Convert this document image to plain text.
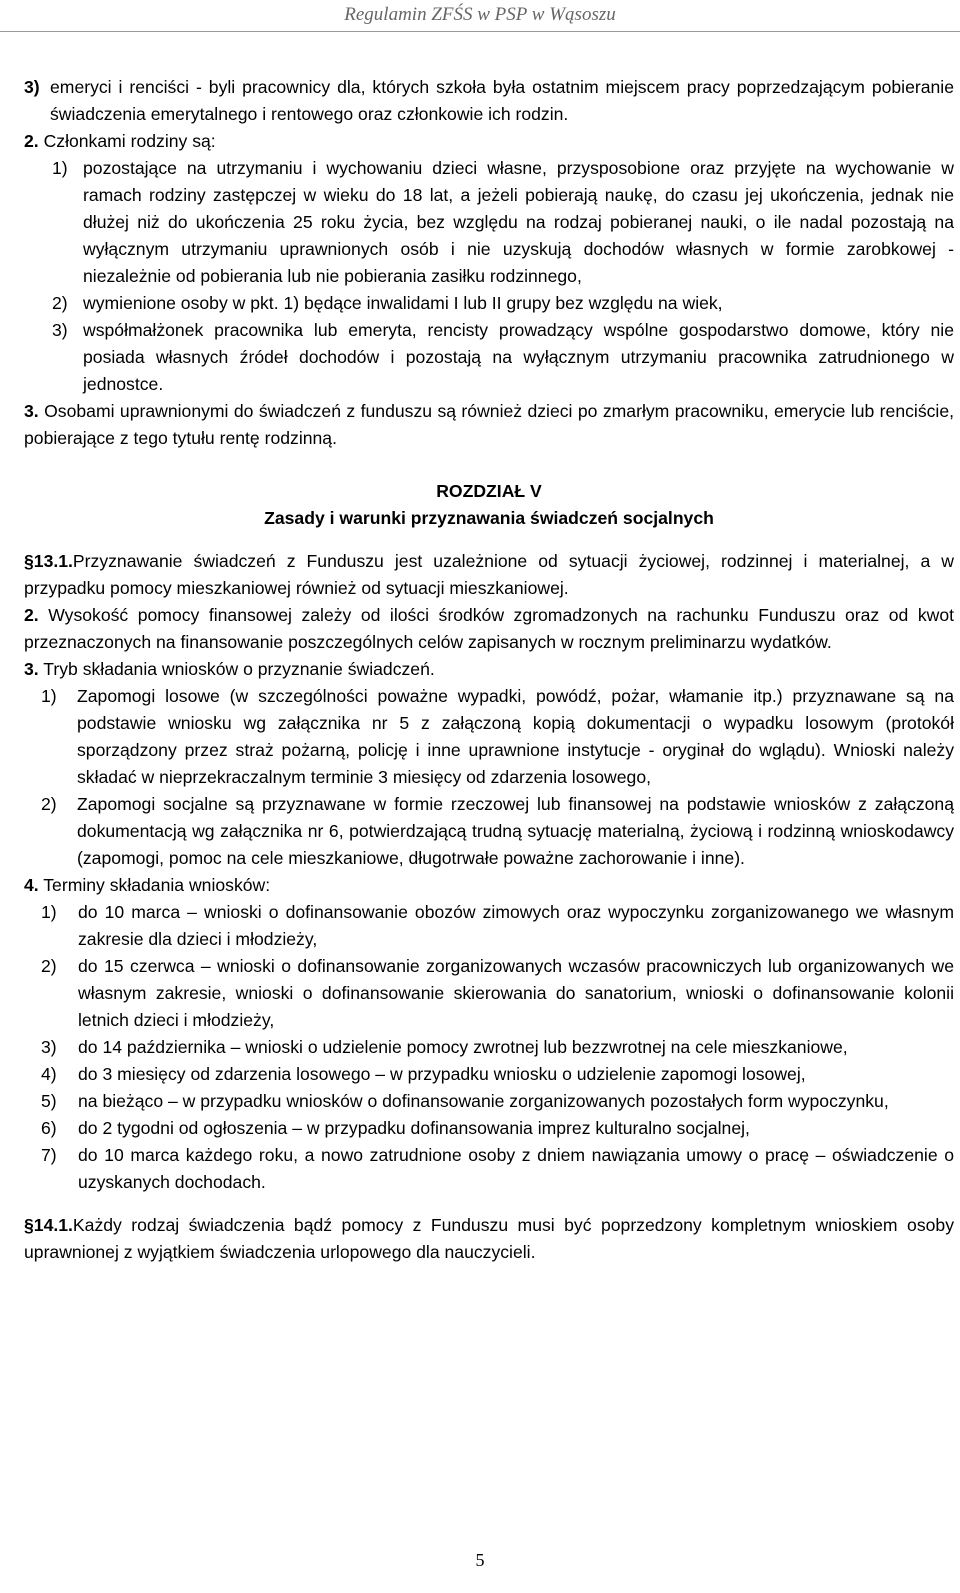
Regulamin ZFŚS w PSP w Wąsoszu
3) emeryci i renciści - byli pracownicy dla, których szkoła była ostatnim miejscem pracy poprzedzającym pobieranie świadczenia emerytalnego i rentowego oraz członkowie ich rodzin.

2. Członkami rodziny są:

1) pozostające na utrzymaniu i wychowaniu dzieci własne, przysposobione oraz przyjęte na wychowanie w ramach rodziny zastępczej w wieku do 18 lat, a jeżeli pobierają naukę, do czasu jej ukończenia, jednak nie dłużej niż do ukończenia 25 roku życia, bez względu na rodzaj pobieranej nauki, o ile nadal pozostają na wyłącznym utrzymaniu uprawnionych osób i nie uzyskują dochodów własnych w formie zarobkowej - niezależnie od pobierania lub nie pobierania zasiłku rodzinnego,
2) wymienione osoby w pkt. 1) będące inwalidami I lub II grupy bez względu na wiek,
3) współmałżonek pracownika lub emeryta, rencisty prowadzący wspólne gospodarstwo domowe, który nie posiada własnych źródeł dochodów i pozostają na wyłącznym utrzymaniu pracownika zatrudnionego w jednostce.

3. Osobami uprawnionymi do świadczeń z funduszu są również dzieci po zmarłym pracowniku, emerycie lub renciście, pobierające z tego tytułu rentę rodzinną.

ROZDZIAŁ V
Zasady i warunki przyznawania świadczeń socjalnych

§13.1.Przyznawanie świadczeń z Funduszu jest uzależnione od sytuacji życiowej, rodzinnej i materialnej, a w przypadku pomocy mieszkaniowej również od sytuacji mieszkaniowej.

2. Wysokość pomocy finansowej zależy od ilości środków zgromadzonych na rachunku Funduszu oraz od kwot przeznaczonych na finansowanie poszczególnych celów zapisanych w rocznym preliminarzu wydatków.

3. Tryb składania wniosków o przyznanie świadczeń.

1)	Zapomogi losowe (w szczególności poważne wypadki, powódź, pożar, włamanie itp.) przyznawane są na podstawie wniosku wg załącznika nr 5 z załączoną kopią dokumentacji o wypadku losowym (protokół sporządzony przez straż pożarną, policję i inne uprawnione instytucje - oryginał do wglądu). Wnioski należy składać w nieprzekraczalnym terminie 3 miesięcy od zdarzenia losowego,
2)	Zapomogi socjalne są przyznawane w formie rzeczowej lub finansowej na podstawie wniosków z załączoną dokumentacją wg załącznika nr 6, potwierdzającą trudną sytuację materialną, życiową i rodzinną wnioskodawcy (zapomogi, pomoc na cele mieszkaniowe, długotrwałe poważne zachorowanie i inne).

4. Terminy składania wniosków:

1)	do 10 marca – wnioski o dofinansowanie obozów zimowych oraz wypoczynku zorganizowanego we własnym zakresie dla dzieci i młodzieży,
2)	do 15 czerwca – wnioski o dofinansowanie zorganizowanych wczasów pracowniczych lub organizowanych we własnym zakresie, wnioski o dofinansowanie skierowania do sanatorium, wnioski o dofinansowanie kolonii letnich dzieci i młodzieży,
3)	do 14 października – wnioski o udzielenie pomocy zwrotnej lub bezzwrotnej na cele mieszkaniowe,
4)	do 3 miesięcy od zdarzenia losowego – w przypadku wniosku o udzielenie zapomogi losowej,
5)	na bieżąco – w przypadku wniosków o dofinansowanie zorganizowanych pozostałych form wypoczynku,
6)	do 2 tygodni od ogłoszenia – w przypadku dofinansowania imprez kulturalno socjalnej,
7)	do 10 marca każdego roku, a nowo zatrudnione osoby z dniem nawiązania umowy o pracę – oświadczenie o uzyskanych dochodach.

§14.1.Każdy rodzaj świadczenia bądź pomocy z Funduszu musi być poprzedzony kompletnym wnioskiem osoby uprawnionej z wyjątkiem świadczenia urlopowego dla nauczycieli.

5
